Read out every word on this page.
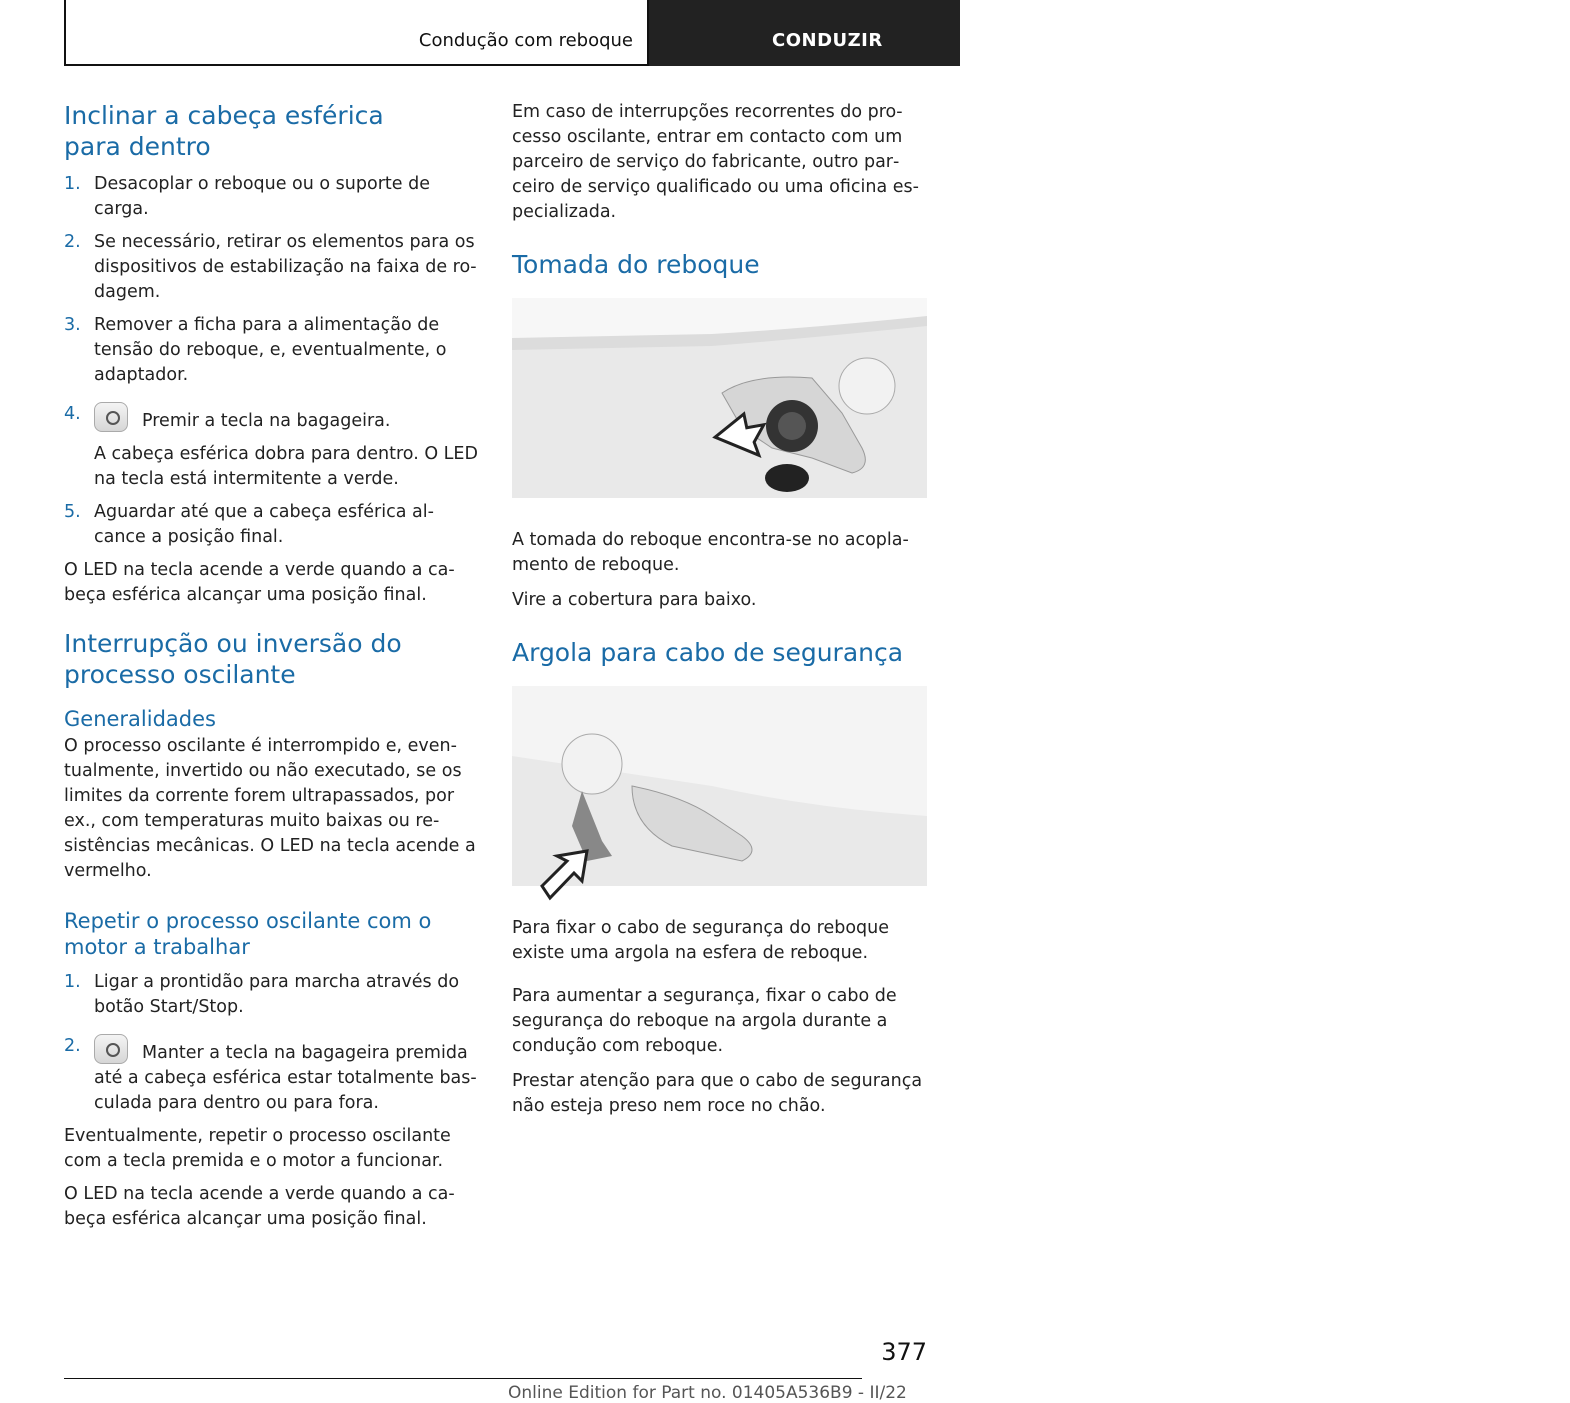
Condução com reboque	CONDUZIR	i
Inclinar a cabeça esférica para dentro
1. Desacoplar o reboque ou o suporte de carga.
2. Se necessário, retirar os elementos para os dispositivos de estabilização na faixa de ro‐dagem.
3. Remover a ficha para a alimentação de tensão do reboque, e, eventualmente, o adaptador.
4.	Premir a tecla na bagageira.

A cabeça esférica dobra para dentro. O LED na tecla está intermitente a verde.

5. Aguardar até que a cabeça esférica al‐cance a posição final.

O LED na tecla acende a verde quando a ca‐beça esférica alcançar uma posição final.

Interrupção ou inversão do processo oscilante
Generalidades

O processo oscilante é interrompido e, even‐tualmente, invertido ou não executado, se os limites da corrente forem ultrapassados, por ex., com temperaturas muito baixas ou re‐sistências mecânicas. O LED na tecla acende a vermelho.

Repetir o processo oscilante com o motor a trabalhar
1. Ligar a prontidão para marcha através do botão Start/Stop.
2.	Manter a tecla na bagageira premida até a cabeça esférica estar totalmente bas‐culada para dentro ou para fora.

Eventualmente, repetir o processo oscilante com a tecla premida e o motor a funcionar.

O LED na tecla acende a verde quando a ca‐beça esférica alcançar uma posição final.

Em caso de interrupções recorrentes do pro‐cesso oscilante, entrar em contacto com um parceiro de serviço do fabricante, outro par‐ceiro de serviço qualificado ou uma oficina es‐pecializada.

Tomada do reboque

A tomada do reboque encontra-se no acopla‐mento de reboque.

Vire a cobertura para baixo.

Argola para cabo de segurança

Para fixar o cabo de segurança do reboque existe uma argola na esfera de reboque.

Para aumentar a segurança, fixar o cabo de segurança do reboque na argola durante a condução com reboque.

Prestar atenção para que o cabo de segurança não esteja preso nem roce no chão.

377
Online Edition for Part no. 01405A536B9 - II/22
